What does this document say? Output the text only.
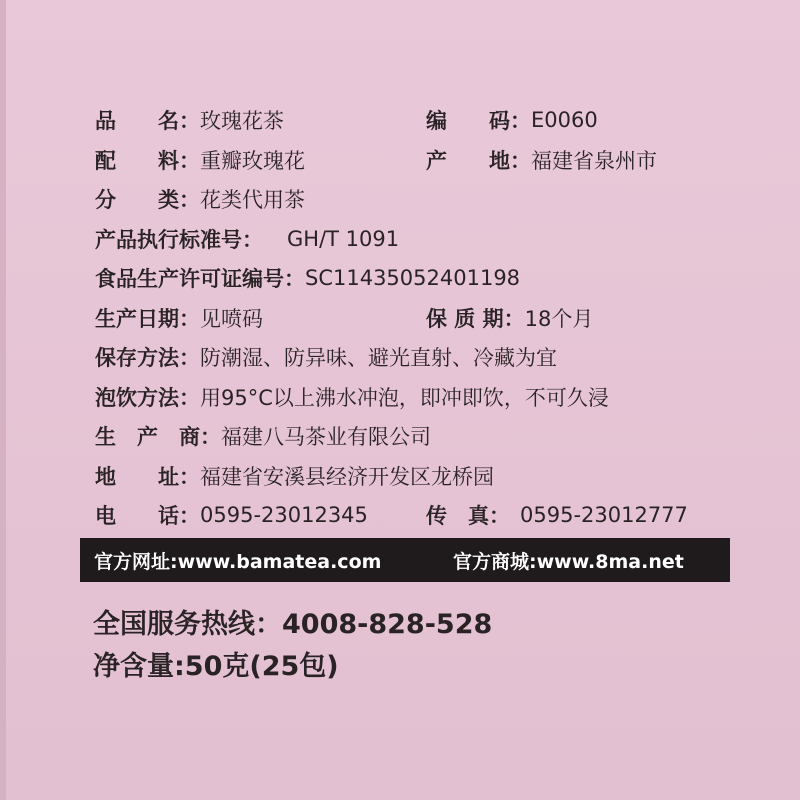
品　　名： 玫瑰花茶	编　　码： E0060
配　　料： 重瓣玫瑰花	产　　地： 福建省泉州市
分　　类： 花类代用茶
产品执行标准号： GH/T 1091
食品生产许可证编号： SC11435052401198
生产日期： 见喷码	保 质 期： 18个月
保存方法： 防潮湿、防异味、避光直射、冷藏为宜
泡饮方法： 用95°C以上沸水冲泡，即冲即饮，不可久浸
生　产　商： 福建八马茶业有限公司
地　　址： 福建省安溪县经济开发区龙桥园
电　　话： 0595-23012345	传　真： 0595-23012777
官方网址:www.bamatea.com	官方商城:www.8ma.net
全国服务热线：4008-828-528
净含量:50克(25包)
